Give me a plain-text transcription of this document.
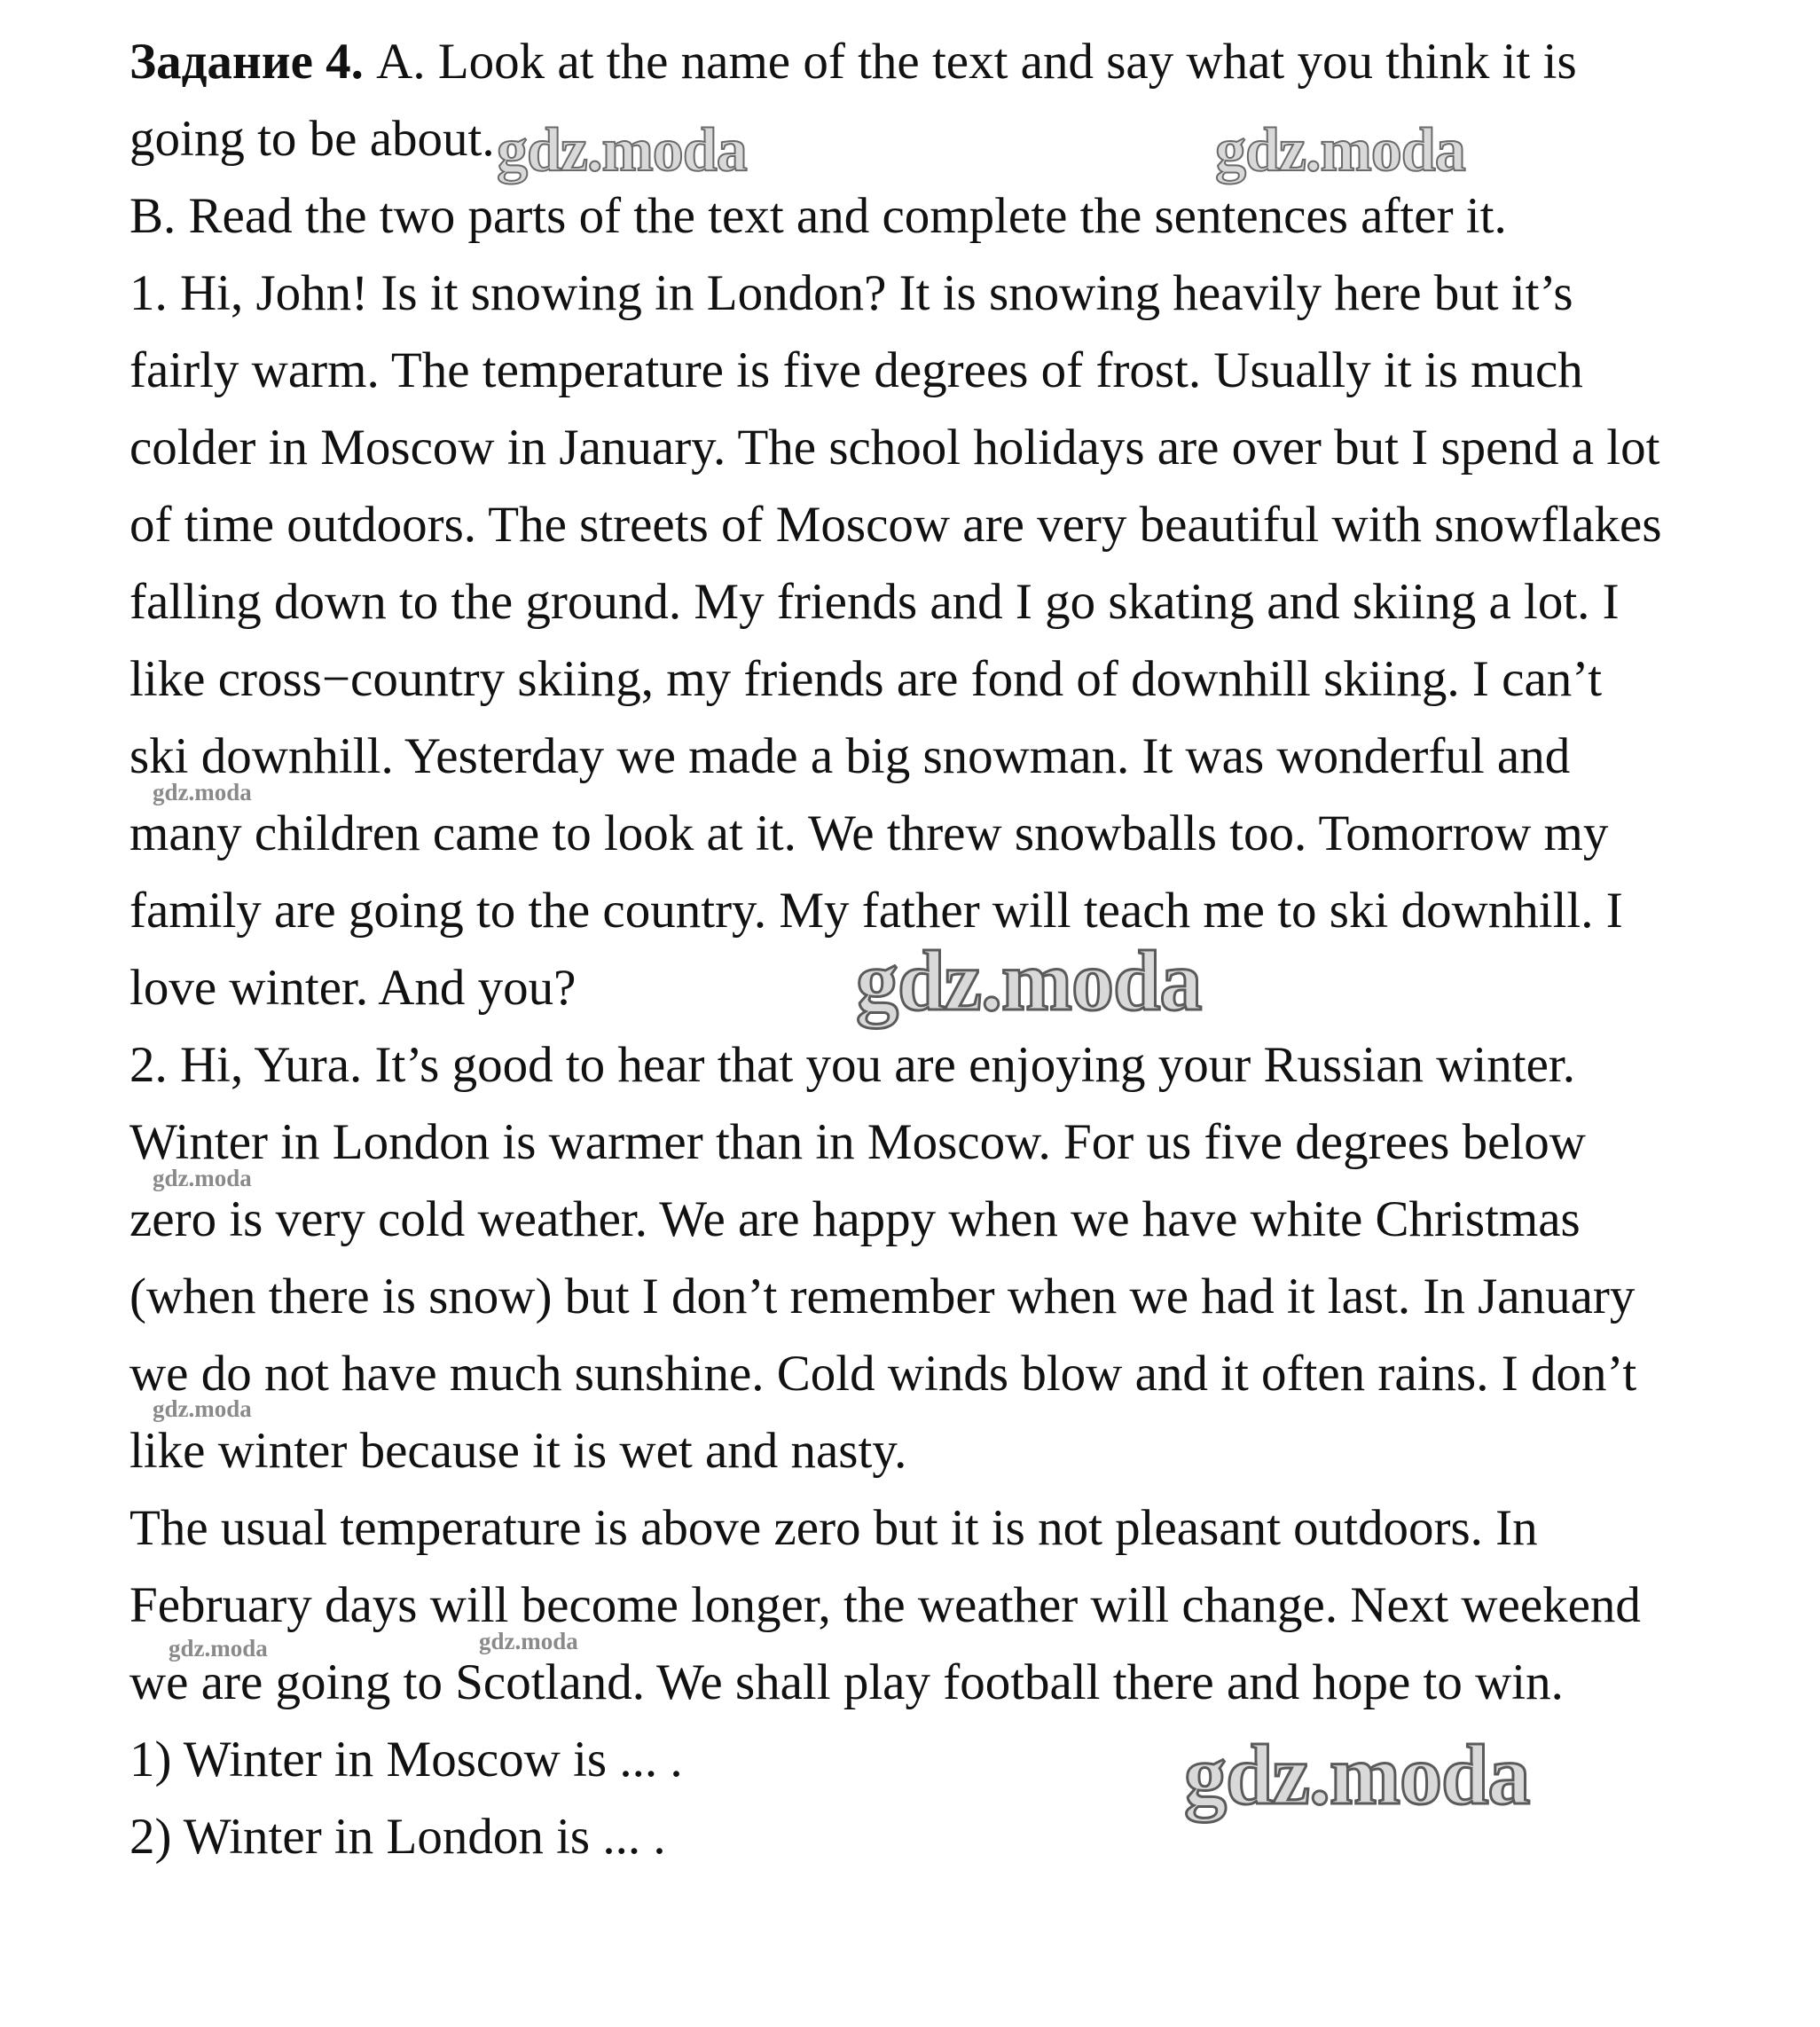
Задание 4. A. Look at the name of the text and say what you think it is

going to be about.

B. Read the two parts of the text and complete the sentences after it.

1. Hi, John! Is it snowing in London? It is snowing heavily here but it’s

fairly warm. The temperature is five degrees of frost. Usually it is much

colder in Moscow in January. The school holidays are over but I spend a lot

of time outdoors. The streets of Moscow are very beautiful with snowflakes

falling down to the ground. My friends and I go skating and skiing a lot. I

like cross−country skiing, my friends are fond of downhill skiing. I can’t

ski downhill. Yesterday we made a big snowman. It was wonderful and

many children came to look at it. We threw snowballs too. Tomorrow my

family are going to the country. My father will teach me to ski downhill. I

love winter. And you?

2. Hi, Yura. It’s good to hear that you are enjoying your Russian winter.

Winter in London is warmer than in Moscow. For us five degrees below

zero is very cold weather. We are happy when we have white Christmas

(when there is snow) but I don’t remember when we had it last. In January

we do not have much sunshine. Cold winds blow and it often rains. I don’t

like winter because it is wet and nasty.

The usual temperature is above zero but it is not pleasant outdoors. In

February days will become longer, the weather will change. Next weekend

we are going to Scotland. We shall play football there and hope to win.

1) Winter in Moscow is ... .

2) Winter in London is ... .

gdz.moda	gdz.moda
gdz.moda
gdz.moda
gdz.moda
gdz.moda
gdz.moda
gdz.moda	gdz.moda
